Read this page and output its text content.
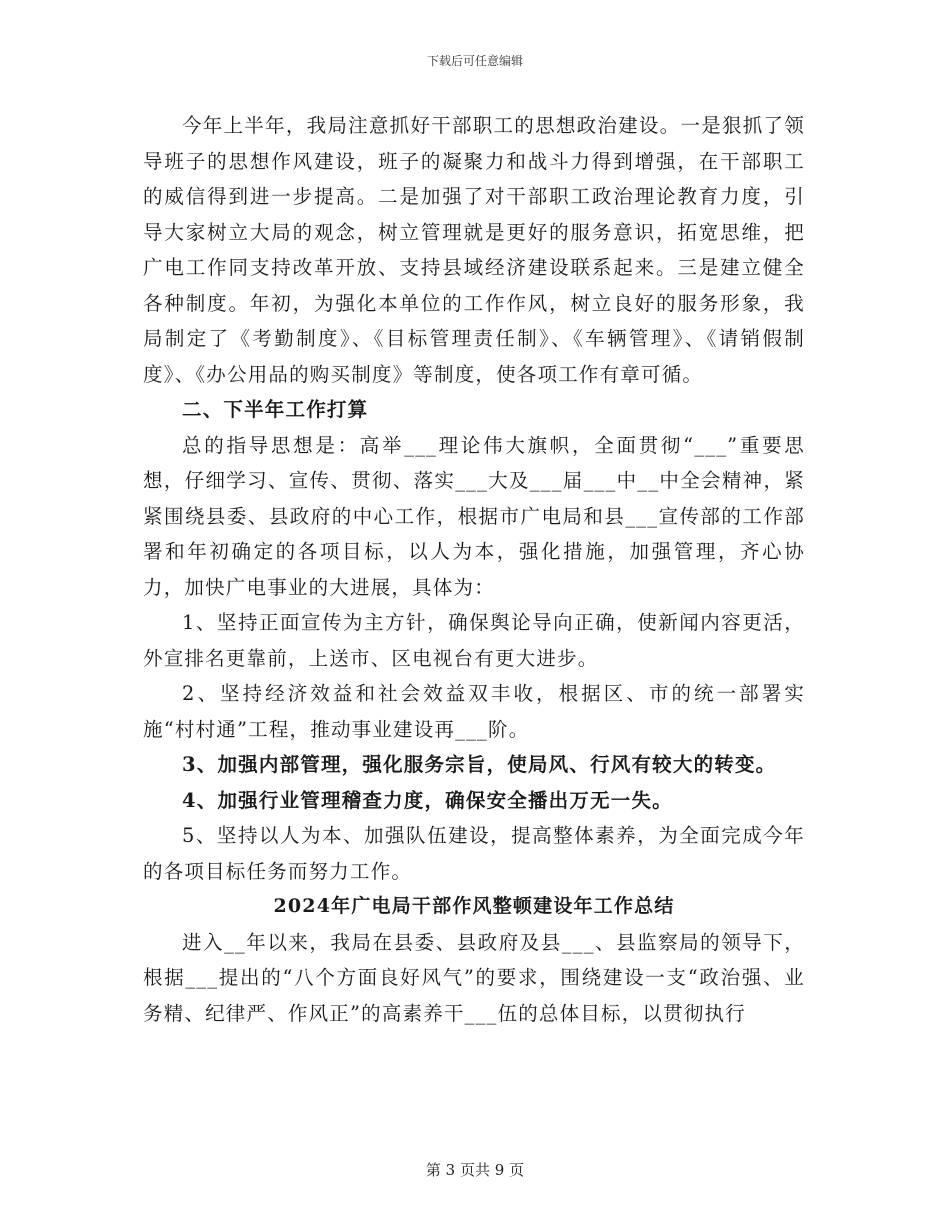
下载后可任意编辑

今年上半年，我局注意抓好干部职工的思想政治建设。一是狠抓了领导班子的思想作风建设，班子的凝聚力和战斗力得到增强，在干部职工的威信得到进一步提高。二是加强了对干部职工政治理论教育力度，引导大家树立大局的观念，树立管理就是更好的服务意识，拓宽思维，把广电工作同支持改革开放、支持县域经济建设联系起来。三是建立健全各种制度。年初，为强化本单位的工作作风，树立良好的服务形象，我局制定了《考勤制度》、《目标管理责任制》、《车辆管理》、《请销假制度》、《办公用品的购买制度》等制度，使各项工作有章可循。

二、下半年工作打算

总的指导思想是：高举___理论伟大旗帜，全面贯彻“___”重要思想，仔细学习、宣传、贯彻、落实___大及___届___中__中全会精神，紧紧围绕县委、县政府的中心工作，根据市广电局和县___宣传部的工作部署和年初确定的各项目标，以人为本，强化措施，加强管理，齐心协力，加快广电事业的大进展，具体为：

1、坚持正面宣传为主方针，确保舆论导向正确，使新闻内容更活，外宣排名更靠前，上送市、区电视台有更大进步。

2、坚持经济效益和社会效益双丰收，根据区、市的统一部署实施“村村通”工程，推动事业建设再___阶。

3、加强内部管理，强化服务宗旨，使局风、行风有较大的转变。

4、加强行业管理稽查力度，确保安全播出万无一失。

5、坚持以人为本、加强队伍建设，提高整体素养，为全面完成今年的各项目标任务而努力工作。

2024年广电局干部作风整顿建设年工作总结

进入__年以来，我局在县委、县政府及县___、县监察局的领导下，根据___提出的“八个方面良好风气”的要求，围绕建设一支“政治强、业务精、纪律严、作风正”的高素养干___伍的总体目标，以贯彻执行

第 3 页共 9 页
